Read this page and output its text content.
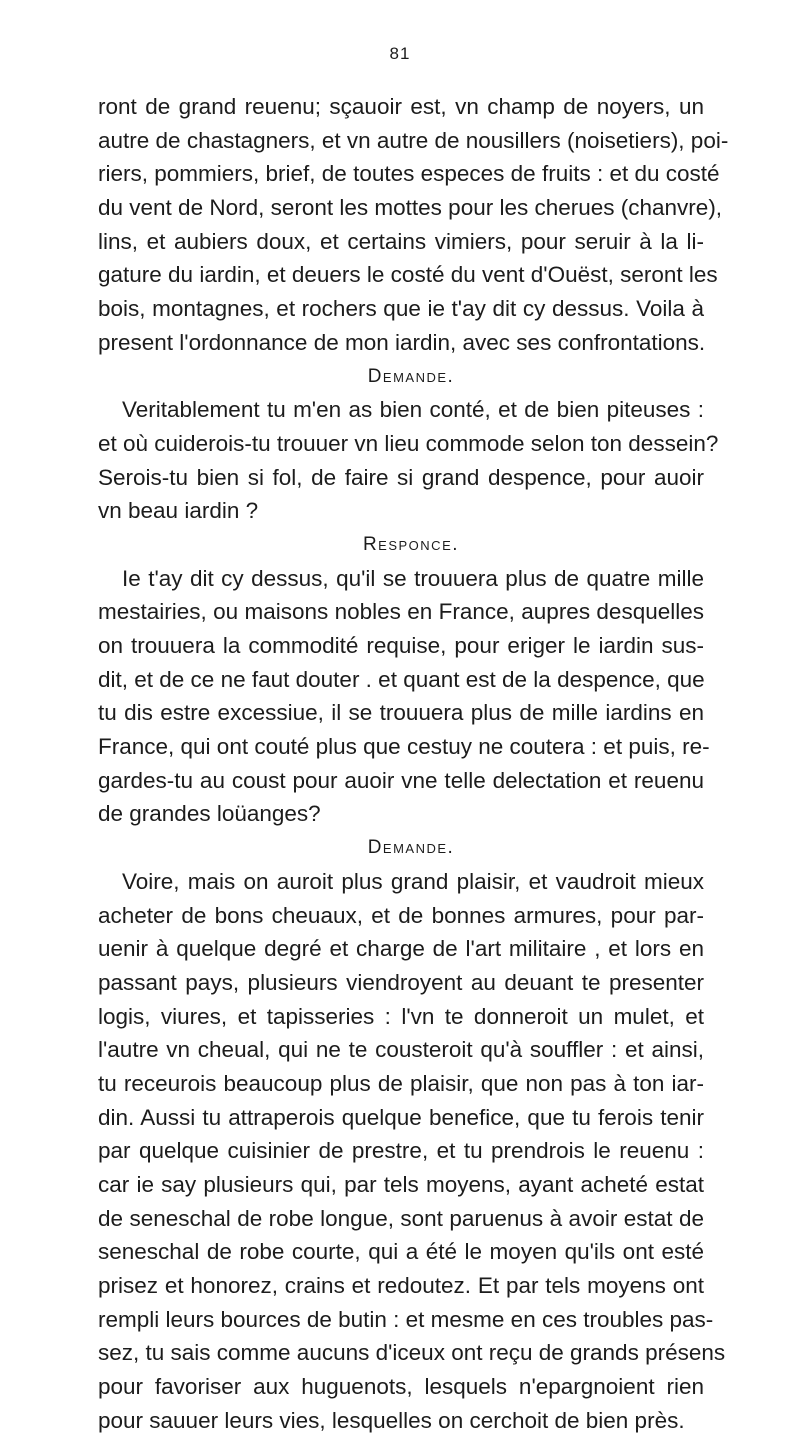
81
ront de grand reuenu; sçauoir est, vn champ de noyers, un
autre de chastagners, et vn autre de nousillers (noisetiers), poi-
riers, pommiers, brief, de toutes especes de fruits : et du costé
du vent de Nord, seront les mottes pour les cherues (chanvre),
lins, et aubiers doux, et certains vimiers, pour seruir à la li-
gature du iardin, et deuers le costé du vent d'Ouëst, seront les
bois, montagnes, et rochers que ie t'ay dit cy dessus. Voila à
present l'ordonnance de mon iardin, avec ses confrontations.
Demande.
Veritablement tu m'en as bien conté, et de bien piteuses :
et où cuiderois-tu trouuer vn lieu commode selon ton dessein?
Serois-tu bien si fol, de faire si grand despence, pour auoir
vn beau iardin ?
Responce.
Ie t'ay dit cy dessus, qu'il se trouuera plus de quatre mille
mestairies, ou maisons nobles en France, aupres desquelles
on trouuera la commodité requise, pour eriger le iardin sus-
dit, et de ce ne faut douter . et quant est de la despence, que
tu dis estre excessiue, il se trouuera plus de mille iardins en
France, qui ont couté plus que cestuy ne coutera : et puis, re-
gardes-tu au coust pour auoir vne telle delectation et reuenu
de grandes loüanges?
Demande.
Voire, mais on auroit plus grand plaisir, et vaudroit mieux
acheter de bons cheuaux, et de bonnes armures, pour par-
uenir à quelque degré et charge de l'art militaire , et lors en
passant pays, plusieurs viendroyent au deuant te presenter
logis, viures, et tapisseries : l'vn te donneroit un mulet, et
l'autre vn cheual, qui ne te cousteroit qu'à souffler : et ainsi,
tu receurois beaucoup plus de plaisir, que non pas à ton iar-
din. Aussi tu attraperois quelque benefice, que tu ferois tenir
par quelque cuisinier de prestre, et tu prendrois le reuenu :
car ie say plusieurs qui, par tels moyens, ayant acheté estat
de seneschal de robe longue, sont paruenus à avoir estat de
seneschal de robe courte, qui a été le moyen qu'ils ont esté
prisez et honorez, crains et redoutez. Et par tels moyens ont
rempli leurs bources de butin : et mesme en ces troubles pas-
sez, tu sais comme aucuns d'iceux ont reçu de grands présens
pour favoriser aux huguenots, lesquels n'epargnoient rien
pour sauuer leurs vies, lesquelles on cerchoit de bien près.
